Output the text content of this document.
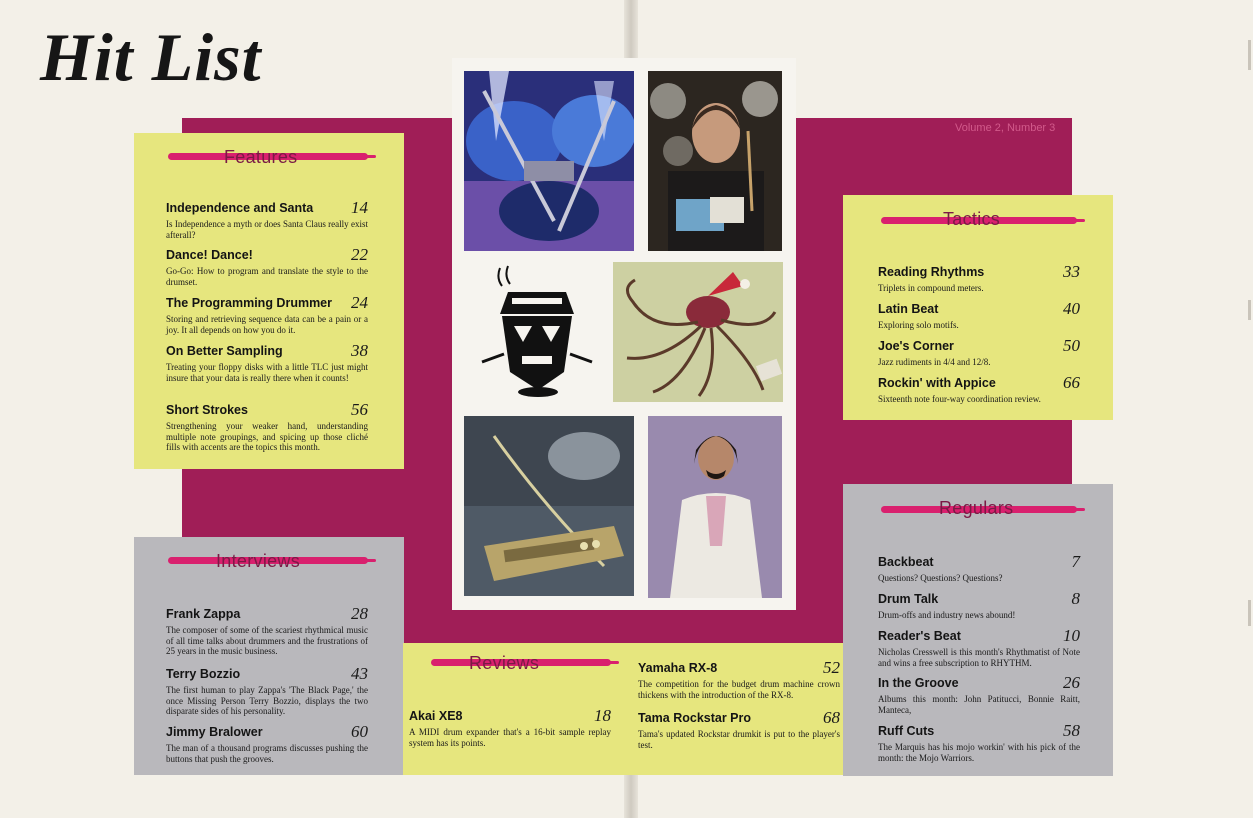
Hit List
Volume 2, Number 3
Features
Independence and Santa 14
Is Independence a myth or does Santa Claus really exist afterall?
Dance! Dance!	22
Go-Go: How to program and translate the style to the drumset.
The Programming Drummer 24
Storing and retrieving sequence data can be a pain or a joy. It all depends on how you do it.
On Better Sampling	38
Treating your floppy disks with a little TLC just might insure that your data is really there when it counts!
Short Strokes	56
Strengthening your weaker hand, understanding multiple note groupings, and spicing up those cliché fills with accents are the topics this month.
Interviews
Frank Zappa	28
The composer of some of the scariest rhythmical music of all time talks about drummers and the frustrations of 25 years in the music business.
Terry Bozzio	43
The first human to play Zappa's 'The Black Page,' the once Missing Person Terry Bozzio, displays the two disparate sides of his personality.
Jimmy Bralower	60
The man of a thousand programs discusses pushing the buttons that push the grooves.
Reviews
Akai XE8	18
A MIDI drum expander that's a 16-bit sample replay system has its points.
Yamaha RX-8	52
The competition for the budget drum machine crown thickens with the introduction of the RX-8.
Tama Rockstar Pro	68
Tama's updated Rockstar drumkit is put to the player's test.
Tactics
Reading Rhythms	33
Triplets in compound meters.
Latin Beat	40
Exploring solo motifs.
Joe's Corner	50
Jazz rudiments in 4/4 and 12/8.
Rockin' with Appice	66
Sixteenth note four-way coordination review.
Regulars
Backbeat	7
Questions? Questions? Questions?
Drum Talk	8
Drum-offs and industry news abound!
Reader's Beat	10
Nicholas Cresswell is this month's Rhythmatist of Note and wins a free subscription to RHYTHM.
In the Groove	26
Albums this month: John Patitucci, Bonnie Raitt, Manteca,
Ruff Cuts	58
The Marquis has his mojo workin' with his pick of the month: the Mojo Warriors.
